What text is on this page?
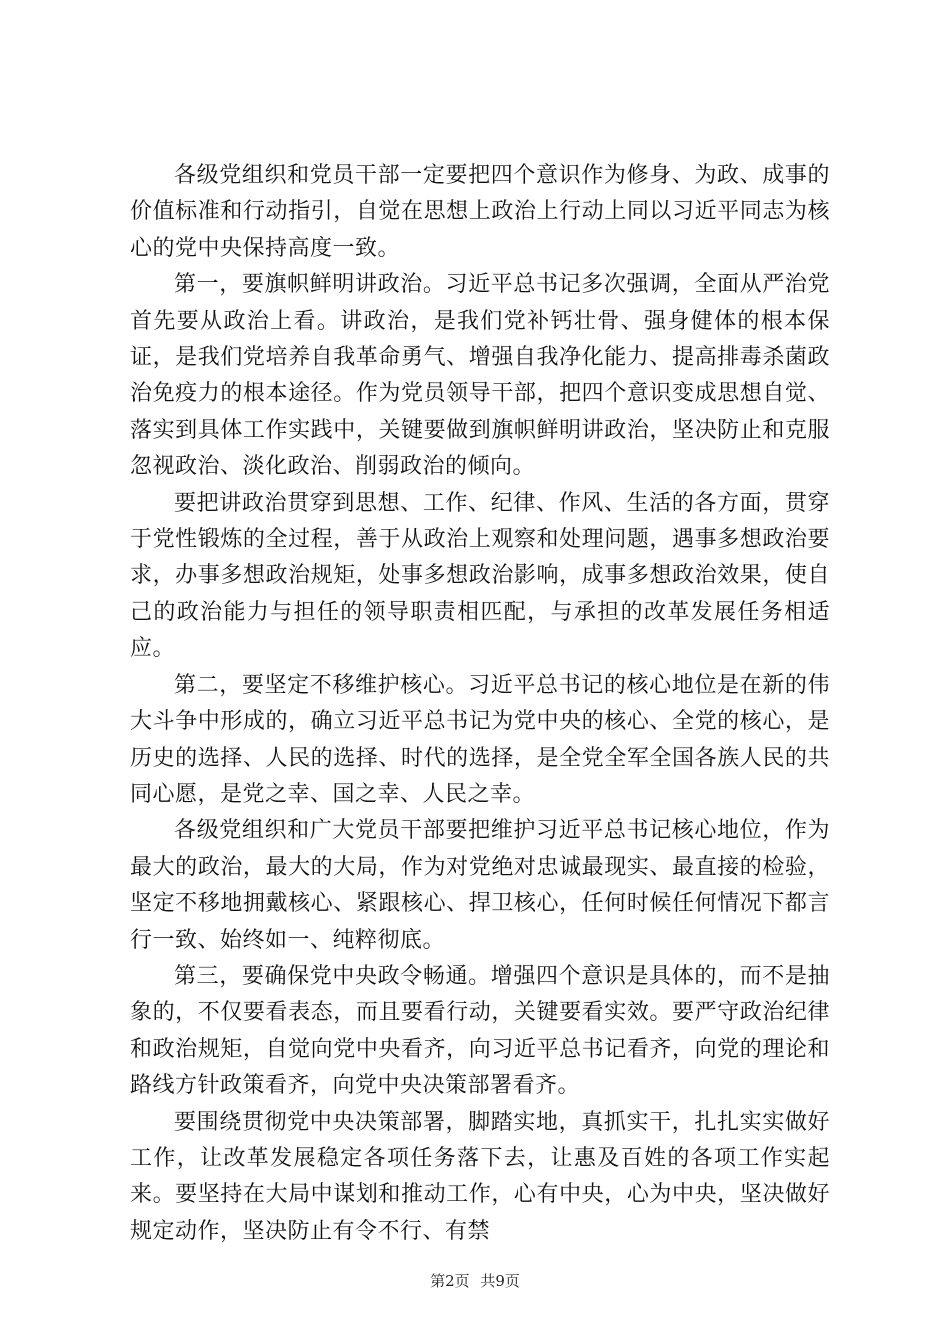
各级党组织和党员干部一定要把四个意识作为修身、为政、成事的价值标准和行动指引，自觉在思想上政治上行动上同以习近平同志为核心的党中央保持高度一致。

第一，要旗帜鲜明讲政治。习近平总书记多次强调，全面从严治党首先要从政治上看。讲政治，是我们党补钙壮骨、强身健体的根本保证，是我们党培养自我革命勇气、增强自我净化能力、提高排毒杀菌政治免疫力的根本途径。作为党员领导干部，把四个意识变成思想自觉、落实到具体工作实践中，关键要做到旗帜鲜明讲政治，坚决防止和克服忽视政治、淡化政治、削弱政治的倾向。

要把讲政治贯穿到思想、工作、纪律、作风、生活的各方面，贯穿于党性锻炼的全过程，善于从政治上观察和处理问题，遇事多想政治要求，办事多想政治规矩，处事多想政治影响，成事多想政治效果，使自己的政治能力与担任的领导职责相匹配，与承担的改革发展任务相适应。

第二，要坚定不移维护核心。习近平总书记的核心地位是在新的伟大斗争中形成的，确立习近平总书记为党中央的核心、全党的核心，是历史的选择、人民的选择、时代的选择，是全党全军全国各族人民的共同心愿，是党之幸、国之幸、人民之幸。

各级党组织和广大党员干部要把维护习近平总书记核心地位，作为最大的政治，最大的大局，作为对党绝对忠诚最现实、最直接的检验，坚定不移地拥戴核心、紧跟核心、捍卫核心，任何时候任何情况下都言行一致、始终如一、纯粹彻底。

第三，要确保党中央政令畅通。增强四个意识是具体的，而不是抽象的，不仅要看表态，而且要看行动，关键要看实效。要严守政治纪律和政治规矩，自觉向党中央看齐，向习近平总书记看齐，向党的理论和路线方针政策看齐，向党中央决策部署看齐。

要围绕贯彻党中央决策部署，脚踏实地，真抓实干，扎扎实实做好工作，让改革发展稳定各项任务落下去，让惠及百姓的各项工作实起来。要坚持在大局中谋划和推动工作，心有中央，心为中央，坚决做好规定动作，坚决防止有令不行、有禁

第2页 共9页
